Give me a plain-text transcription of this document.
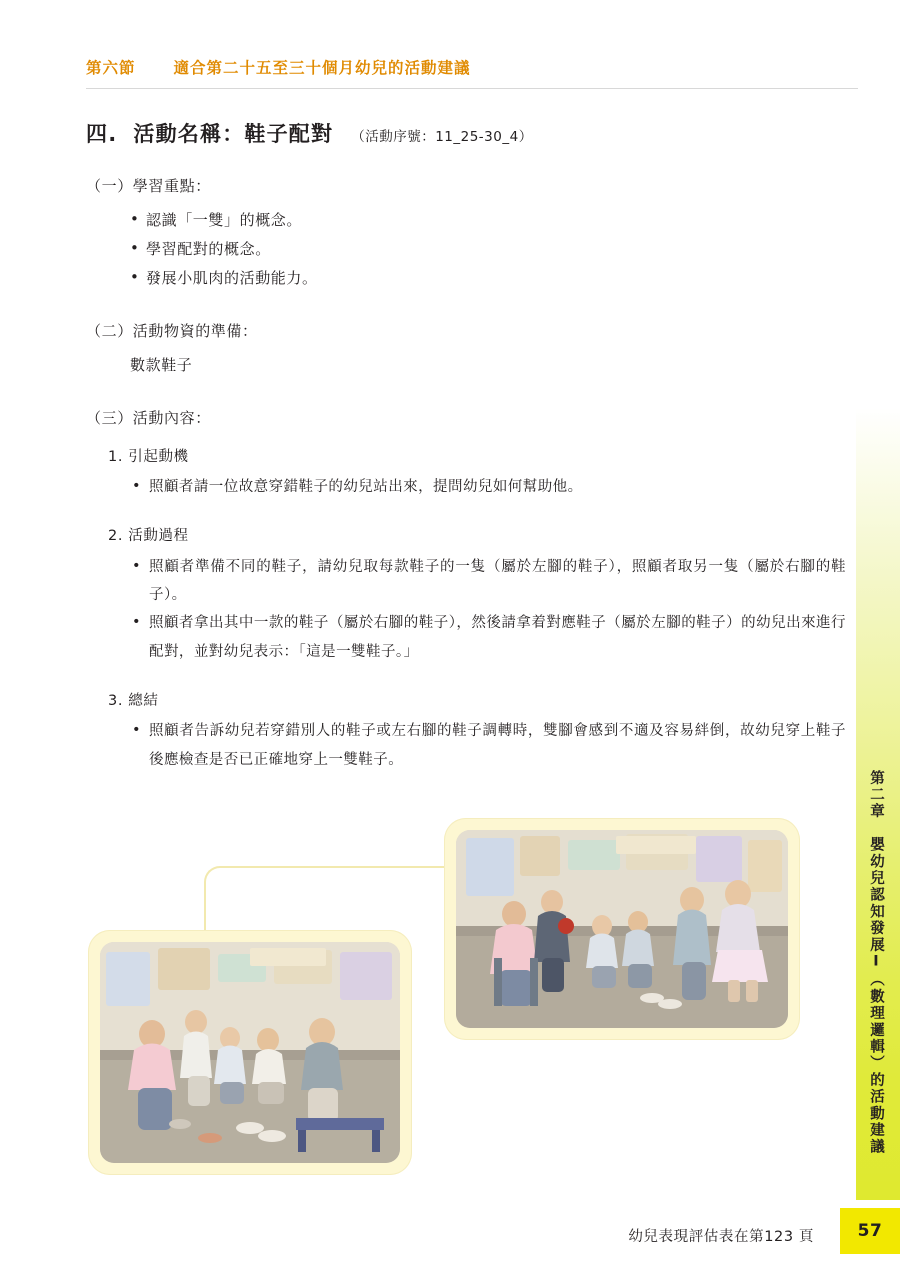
第二章　嬰幼兒認知發展Ⅰ（數理邏輯）的活動建議
57
第六節 適合第二十五至三十個月幼兒的活動建議
四. 活動名稱：鞋子配對 （活動序號：11_25-30_4）
（一）學習重點：
• 認識「一雙」的概念。
• 學習配對的概念。
• 發展小肌肉的活動能力。
（二）活動物資的準備：
數款鞋子
（三）活動內容：
1. 引起動機
• 照顧者請一位故意穿錯鞋子的幼兒站出來，提問幼兒如何幫助他。
2. 活動過程
• 照顧者準備不同的鞋子，請幼兒取每款鞋子的一隻（屬於左腳的鞋子），照顧者取另一隻（屬於右腳的鞋子）。
• 照顧者拿出其中一款的鞋子（屬於右腳的鞋子），然後請拿着對應鞋子（屬於左腳的鞋子）的幼兒出來進行配對，並對幼兒表示：「這是一雙鞋子。」
3. 總結
• 照顧者告訴幼兒若穿錯別人的鞋子或左右腳的鞋子調轉時，雙腳會感到不適及容易絆倒，故幼兒穿上鞋子後應檢查是否已正確地穿上一雙鞋子。
幼兒表現評估表在第123 頁
